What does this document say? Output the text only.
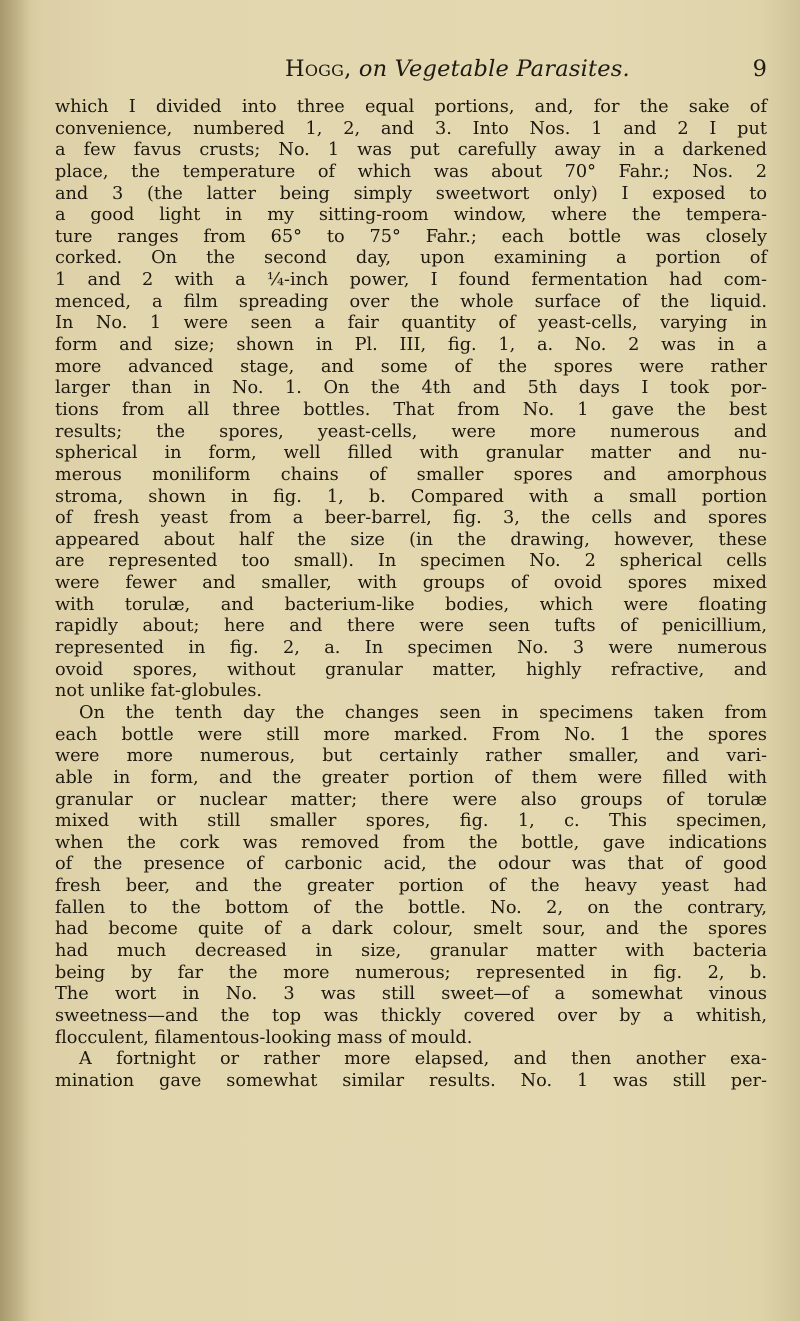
Hogg, on Vegetable Parasites.	9
which I divided into three equal portions, and, for the sake of
convenience, numbered 1, 2, and 3. Into Nos. 1 and 2 I put
a few favus crusts; No. 1 was put carefully away in a darkened
place, the temperature of which was about 70° Fahr.; Nos. 2
and 3 (the latter being simply sweetwort only) I exposed to
a good light in my sitting-room window, where the tempera-
ture ranges from 65° to 75° Fahr.; each bottle was closely
corked. On the second day, upon examining a portion of
1 and 2 with a ¼-inch power, I found fermentation had com-
menced, a film spreading over the whole surface of the liquid.
In No. 1 were seen a fair quantity of yeast-cells, varying in
form and size; shown in Pl. III, fig. 1, a. No. 2 was in a
more advanced stage, and some of the spores were rather
larger than in No. 1. On the 4th and 5th days I took por-
tions from all three bottles. That from No. 1 gave the best
results; the spores, yeast-cells, were more numerous and
spherical in form, well filled with granular matter and nu-
merous moniliform chains of smaller spores and amorphous
stroma, shown in fig. 1, b. Compared with a small portion
of fresh yeast from a beer-barrel, fig. 3, the cells and spores
appeared about half the size (in the drawing, however, these
are represented too small). In specimen No. 2 spherical cells
were fewer and smaller, with groups of ovoid spores mixed
with torulæ, and bacterium-like bodies, which were floating
rapidly about; here and there were seen tufts of penicillium,
represented in fig. 2, a. In specimen No. 3 were numerous
ovoid spores, without granular matter, highly refractive, and
not unlike fat-globules.
On the tenth day the changes seen in specimens taken from
each bottle were still more marked. From No. 1 the spores
were more numerous, but certainly rather smaller, and vari-
able in form, and the greater portion of them were filled with
granular or nuclear matter; there were also groups of torulæ
mixed with still smaller spores, fig. 1, c. This specimen,
when the cork was removed from the bottle, gave indications
of the presence of carbonic acid, the odour was that of good
fresh beer, and the greater portion of the heavy yeast had
fallen to the bottom of the bottle. No. 2, on the contrary,
had become quite of a dark colour, smelt sour, and the spores
had much decreased in size, granular matter with bacteria
being by far the more numerous; represented in fig. 2, b.
The wort in No. 3 was still sweet—of a somewhat vinous
sweetness—and the top was thickly covered over by a whitish,
flocculent, filamentous-looking mass of mould.
A fortnight or rather more elapsed, and then another exa-
mination gave somewhat similar results. No. 1 was still per-
